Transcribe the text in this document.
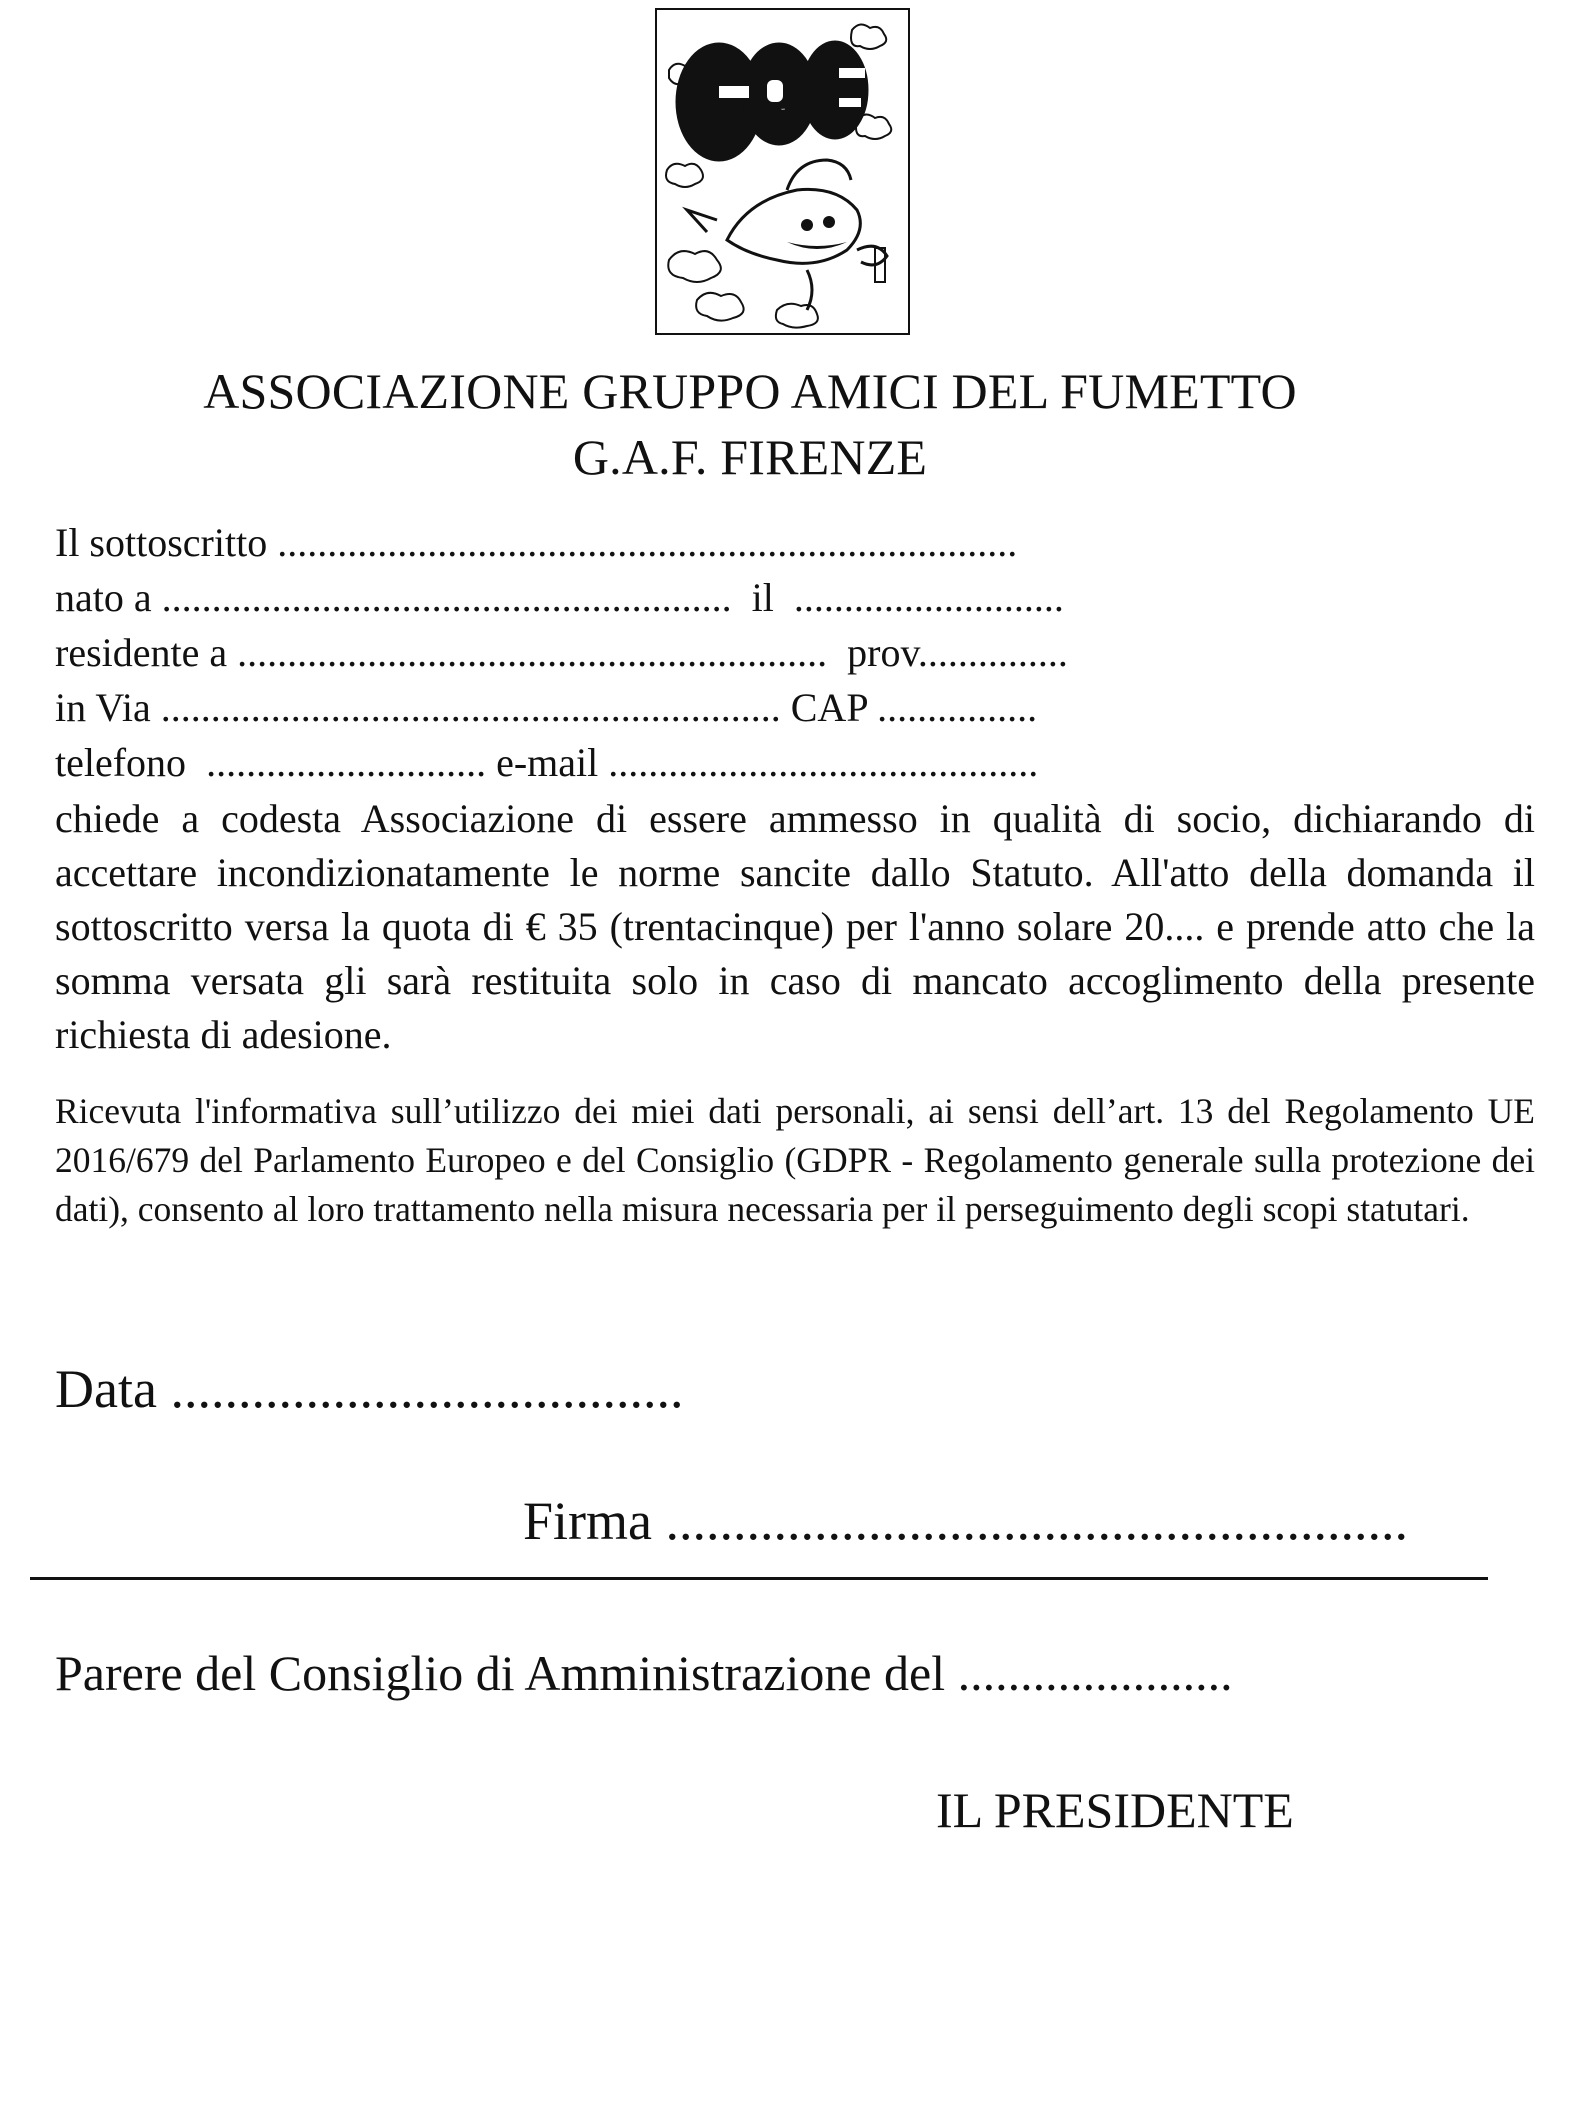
GAF
ASSOCIAZIONE GRUPPO AMICI DEL FUMETTO
G.A.F. FIRENZE
Il sottoscritto ..........................................................................
nato a ......................................................... il ...........................
residente a ........................................................... prov...............
in Via .............................................................. CAP ................
telefono ............................ e-mail ...........................................
chiede a codesta Associazione di essere ammesso in qualità di socio, dichiarando di accettare incondizionatamente le norme sancite dallo Statuto. All'atto della domanda il sottoscritto versa la quota di € 35 (trentacinque) per l'anno solare 20.... e prende atto che la somma versata gli sarà restituita solo in caso di mancato accoglimento della presente richiesta di adesione.
Ricevuta l'informativa sull’utilizzo dei miei dati personali, ai sensi dell’art. 13 del Regolamento UE 2016/679 del Parlamento Europeo e del Consiglio (GDPR - Regolamento generale sulla protezione dei dati), consento al loro trattamento nella misura necessaria per il perseguimento degli scopi statutari.
Data ......................................
Firma .......................................................
Parere del Consiglio di Amministrazione del ......................
IL PRESIDENTE
